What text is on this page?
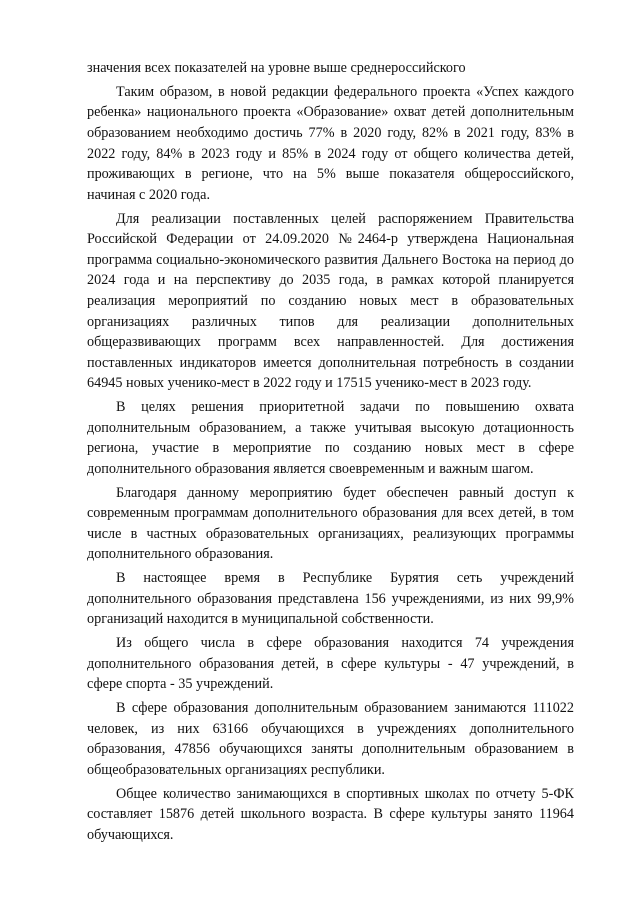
значения всех показателей на уровне выше среднероссийского

Таким образом, в новой редакции федерального проекта «Успех каждого ребенка» национального проекта «Образование» охват детей дополнительным образованием необходимо достичь 77% в 2020 году, 82% в 2021 году, 83% в 2022 году, 84% в 2023 году и 85% в 2024 году от общего количества детей, проживающих в регионе, что на 5% выше показателя общероссийского, начиная с 2020 года.

Для реализации поставленных целей распоряжением Правительства Российской Федерации от 24.09.2020 №2464-р утверждена Национальная программа социально-экономического развития Дальнего Востока на период до 2024 года и на перспективу до 2035 года, в рамках которой планируется реализация мероприятий по созданию новых мест в образовательных организациях различных типов для реализации дополнительных общеразвивающих программ всех направленностей. Для достижения поставленных индикаторов имеется дополнительная потребность в создании 64945 новых ученико-мест в 2022 году и 17515 ученико-мест в 2023 году.

В целях решения приоритетной задачи по повышению охвата дополнительным образованием, а также учитывая высокую дотационность региона, участие в мероприятие по созданию новых мест в сфере дополнительного образования является своевременным и важным шагом.

Благодаря данному мероприятию будет обеспечен равный доступ к современным программам дополнительного образования для всех детей, в том числе в частных образовательных организациях, реализующих программы дополнительного образования.

В настоящее время в Республике Бурятия сеть учреждений дополнительного образования представлена 156 учреждениями, из них 99,9% организаций находится в муниципальной собственности.

Из общего числа в сфере образования находится 74 учреждения дополнительного образования детей, в сфере культуры - 47 учреждений, в сфере спорта - 35 учреждений.

В сфере образования дополнительным образованием занимаются 111022 человек, из них 63166 обучающихся в учреждениях дополнительного образования, 47856 обучающихся заняты дополнительным образованием в общеобразовательных организациях республики.

Общее количество занимающихся в спортивных школах по отчету 5-ФК составляет 15876 детей школьного возраста. В сфере культуры занято 11964 обучающихся.
